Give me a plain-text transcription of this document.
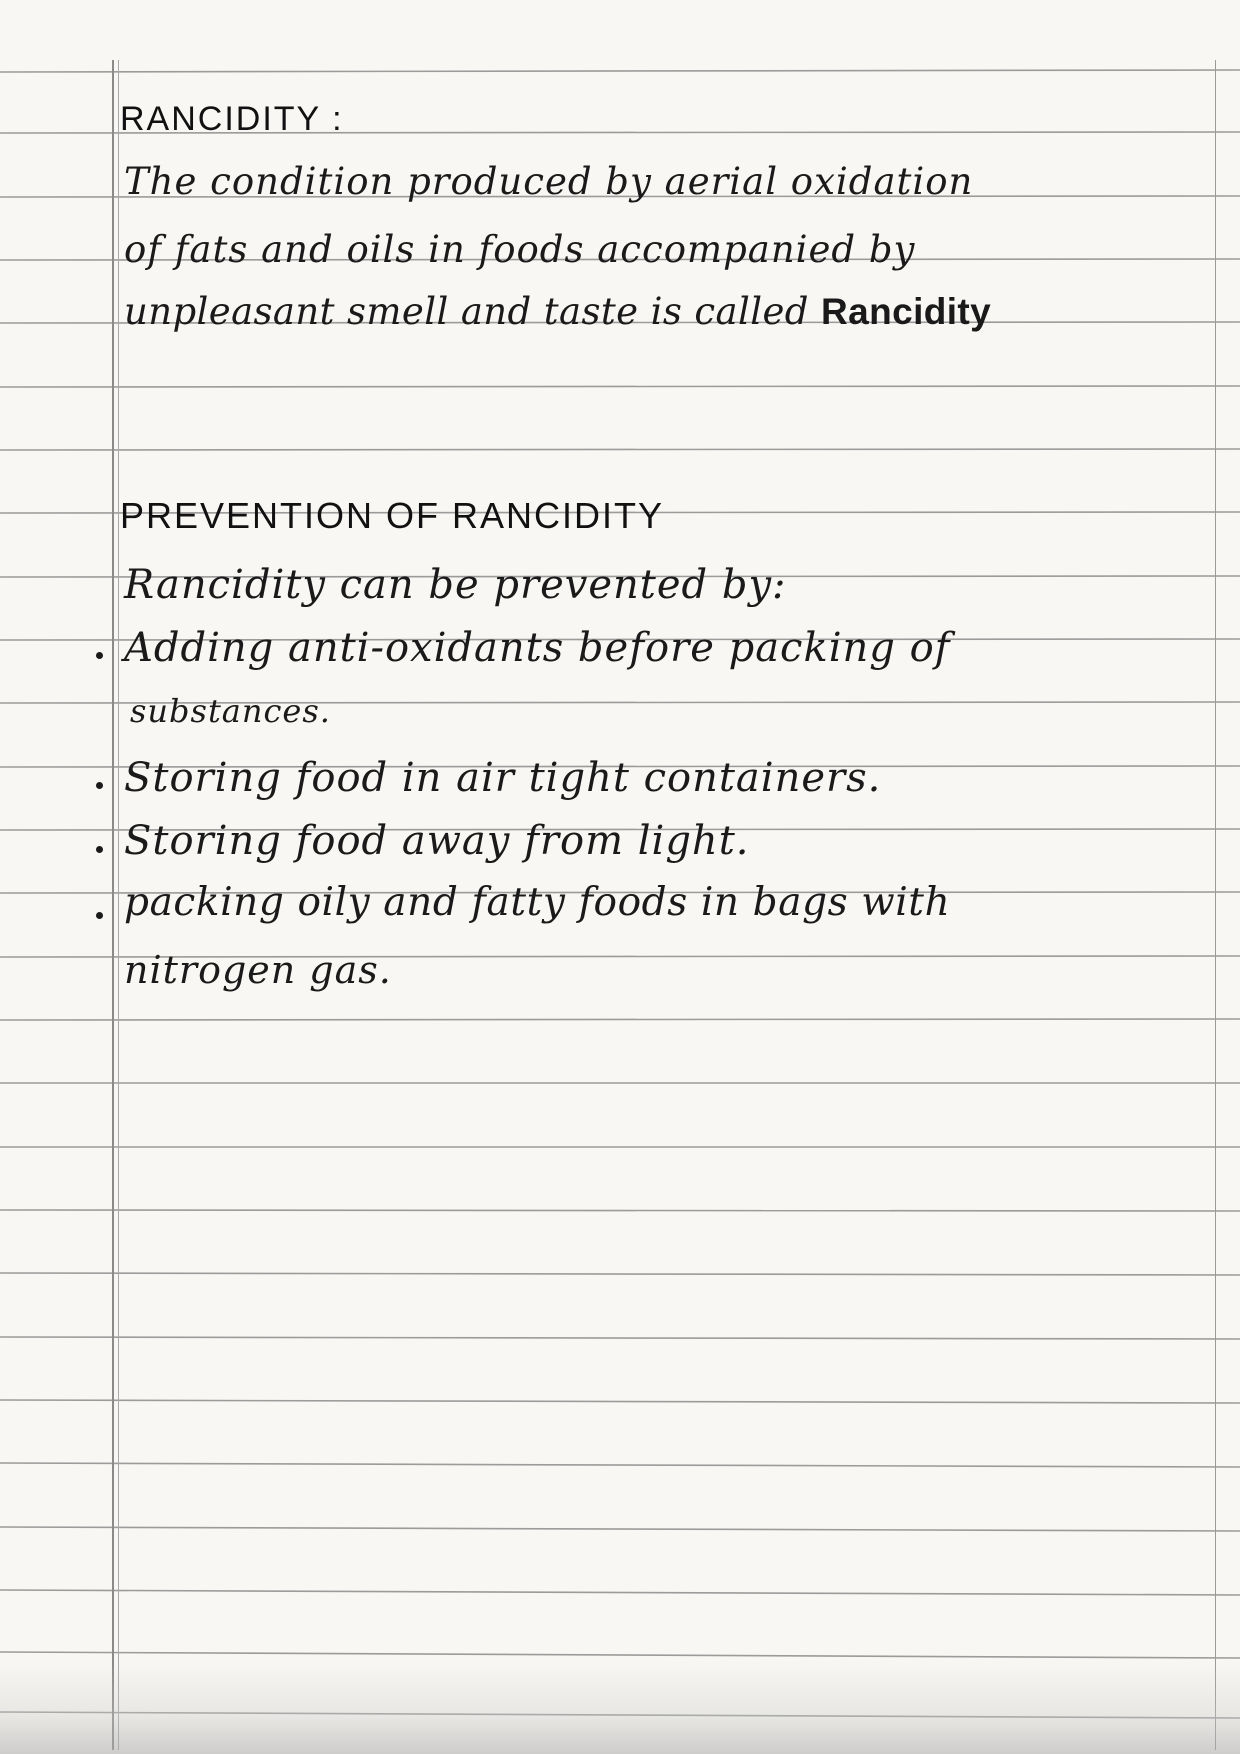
RANCIDITY :
The condition produced by aerial oxidation
of fats and oils in foods accompanied by
unpleasant smell and taste is called Rancidity
PREVENTION OF RANCIDITY
Rancidity can be prevented by:
Adding anti-oxidants before packing of
substances.
Storing food in air tight containers.
Storing food away from light.
packing oily and fatty foods in bags with
nitrogen gas.
